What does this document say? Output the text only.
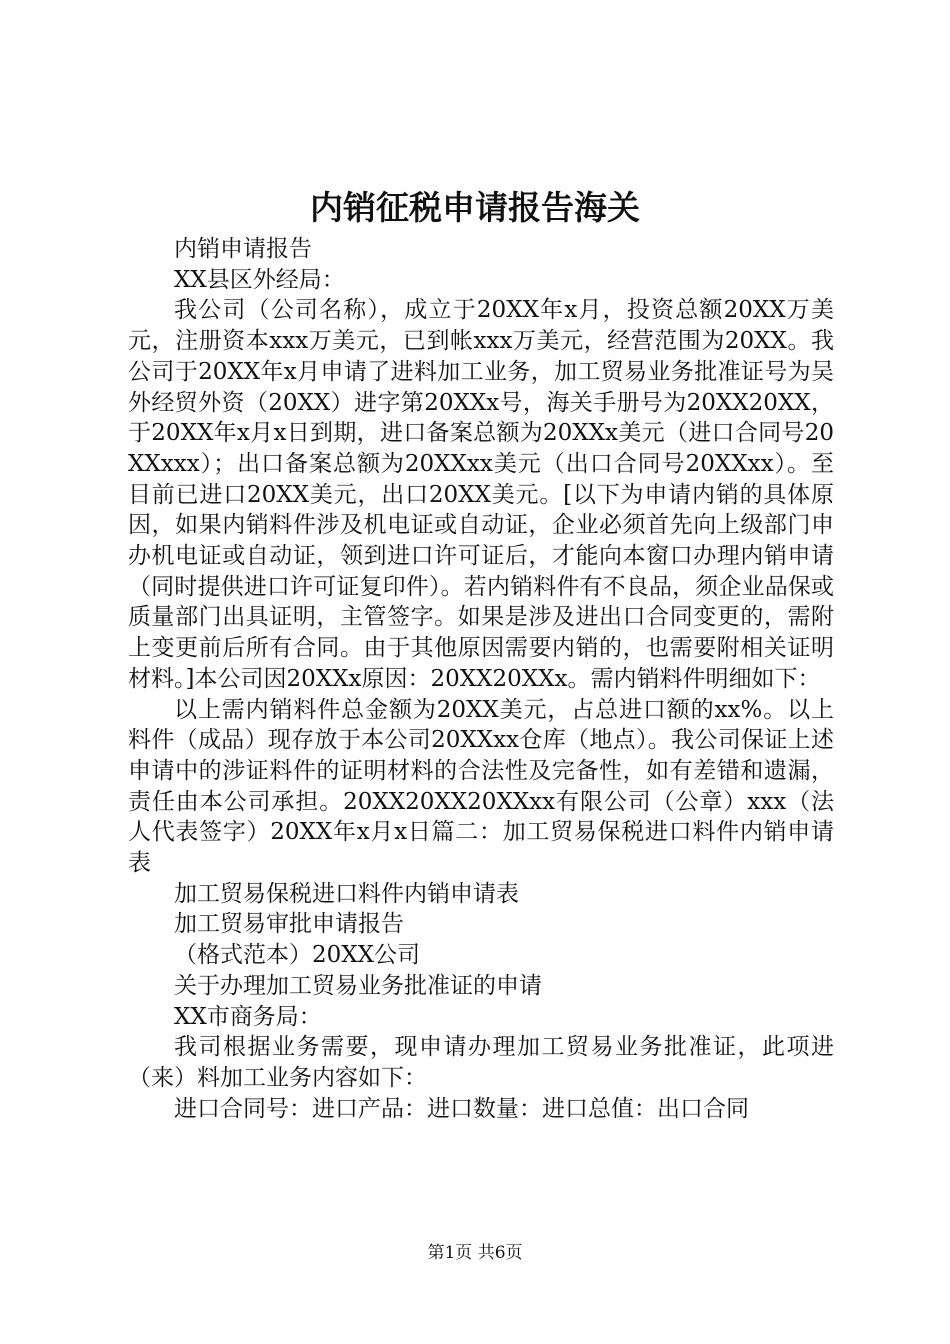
内销征税申请报告海关

内销申请报告

XX县区外经局：

我公司（公司名称），成立于20XX年x月，投资总额20XX万美元，注册资本xxx万美元，已到帐xxx万美元，经营范围为20XX。我公司于20XX年x月申请了进料加工业务，加工贸易业务批准证号为吴外经贸外资（20XX）进字第20XXx号，海关手册号为20XX20XX，于20XX年x月x日到期，进口备案总额为20XXx美元（进口合同号20XXxxx）；出口备案总额为20XXxx美元（出口合同号20XXxx）。至目前已进口20XX美元，出口20XX美元。[以下为申请内销的具体原因，如果内销料件涉及机电证或自动证，企业必须首先向上级部门申办机电证或自动证，领到进口许可证后，才能向本窗口办理内销申请（同时提供进口许可证复印件）。若内销料件有不良品，须企业品保或质量部门出具证明，主管签字。如果是涉及进出口合同变更的，需附上变更前后所有合同。由于其他原因需要内销的，也需要附相关证明材料。]本公司因20XXx原因：20XX20XXx。需内销料件明细如下：

以上需内销料件总金额为20XX美元，占总进口额的xx%。以上料件（成品）现存放于本公司20XXxx仓库（地点）。我公司保证上述申请中的涉证料件的证明材料的合法性及完备性，如有差错和遗漏，责任由本公司承担。20XX20XX20XXxx有限公司（公章）xxx（法人代表签字）20XX年x月x日篇二：加工贸易保税进口料件内销申请表

加工贸易保税进口料件内销申请表

加工贸易审批申请报告

（格式范本）20XX公司

关于办理加工贸易业务批准证的申请

XX市商务局：

我司根据业务需要，现申请办理加工贸易业务批准证，此项进（来）料加工业务内容如下：

进口合同号：进口产品：进口数量：进口总值：出口合同

第1页 共6页
